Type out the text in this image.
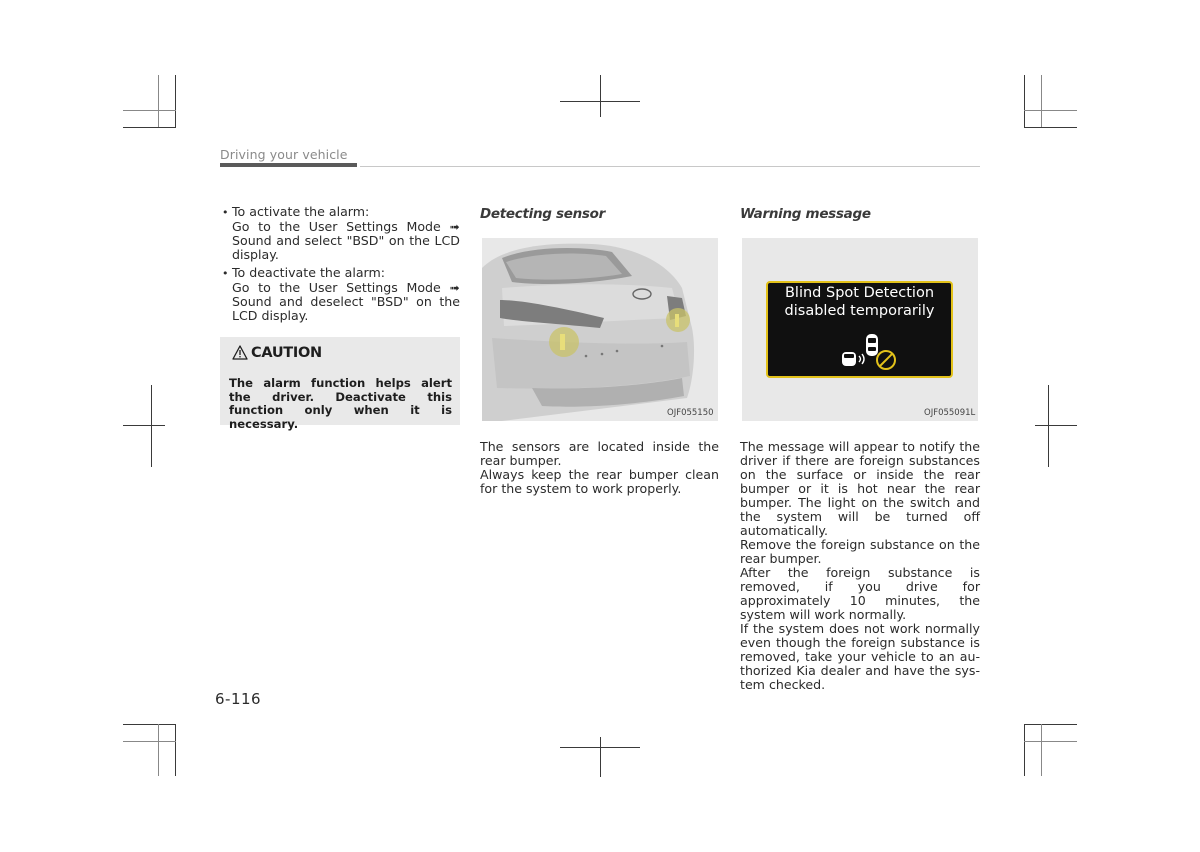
Driving your vehicle
• To activate the alarm:
Go to the User Settings Mode ➟ Sound and select "BSD" on the LCD display.
• To deactivate the alarm:
Go to the User Settings Mode ➟ Sound and deselect "BSD" on the LCD display.
CAUTION
The alarm function helps alert the driver. Deactivate this function only when it is necessary.
Detecting sensor
OJF055150

The sensors are located inside the rear bumper.

Always keep the rear bumper clean for the system to work properly.

Warning message
Blind Spot Detection
disabled temporarily
OJF055091L

The message will appear to notify the driver if there are foreign substances on the surface or inside the rear bumper or it is hot near the rear bumper. The light on the switch and the system will be turned off automatically.

Remove the foreign substance on the rear bumper.

After the foreign substance is removed, if you drive for approximately 10 minutes, the system will work normally.

If the system does not work normally even though the foreign substance is removed, take your vehicle to an authorized Kia dealer and have the system checked.

6-116
